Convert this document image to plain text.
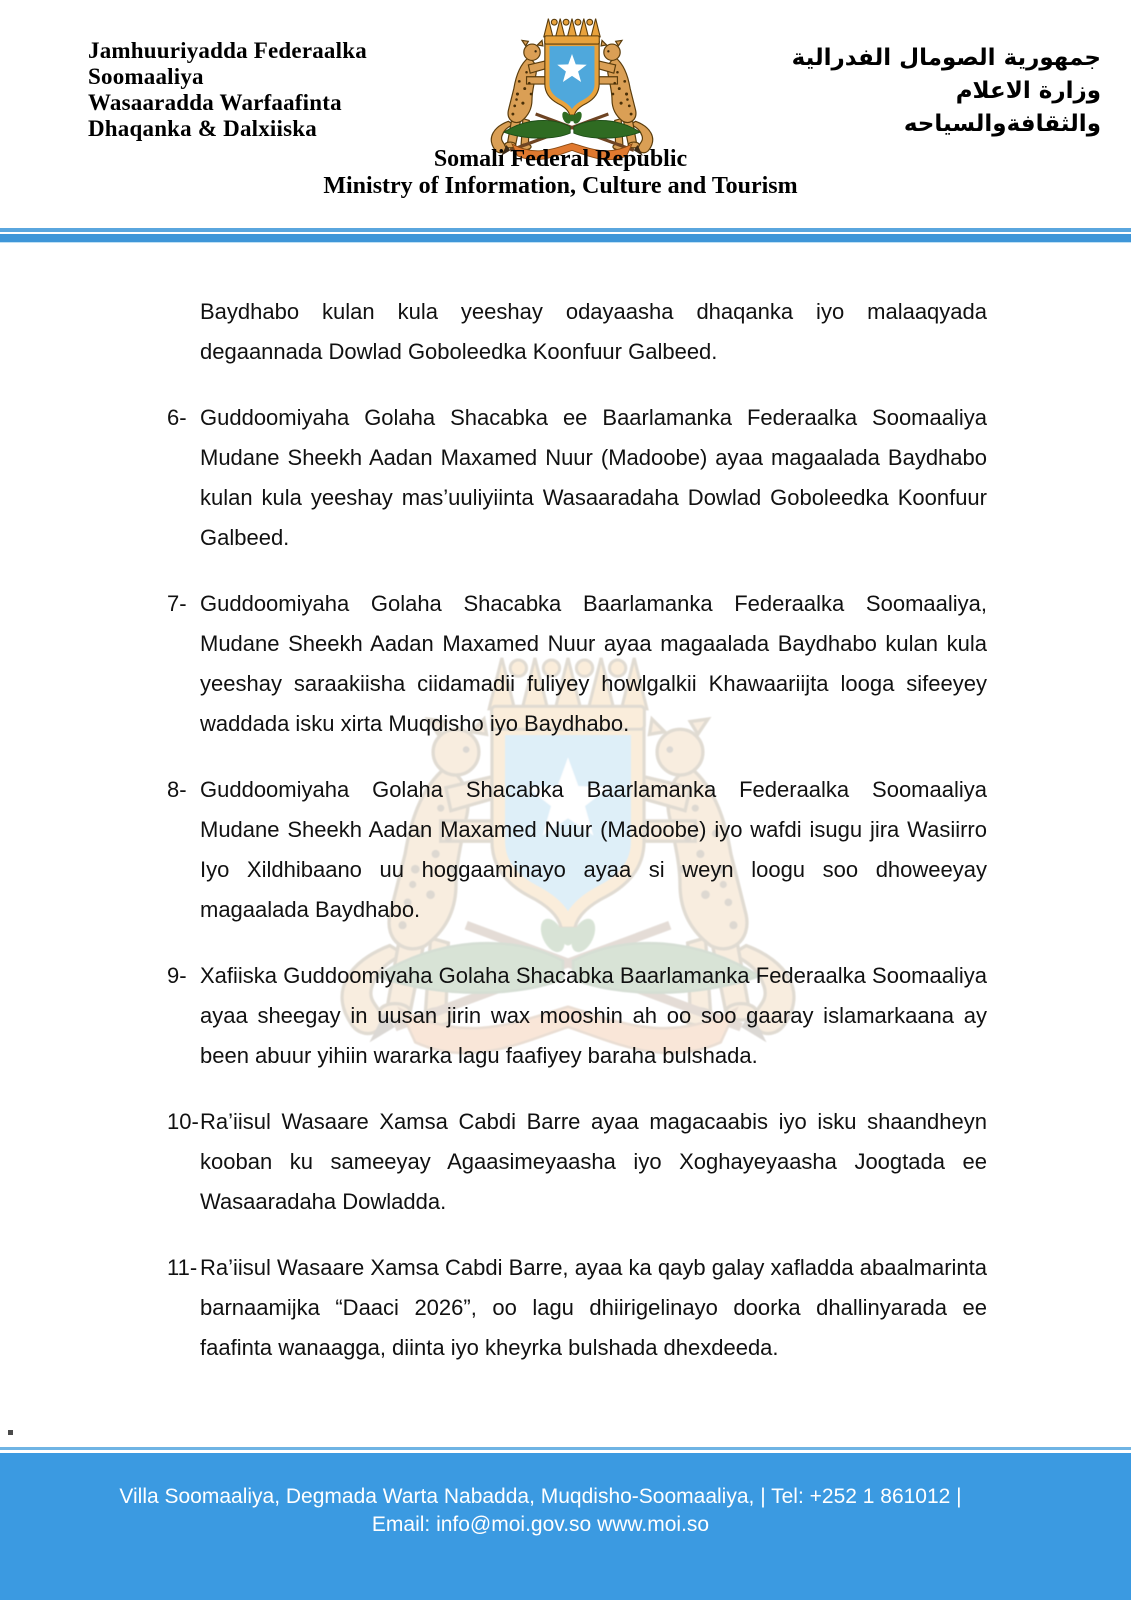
Jamhuuriyadda Federaalka
Soomaaliya
Wasaaradda Warfaafinta
Dhaqanka & Dalxiiska
جمهورية الصومال الفدرالية
وزارة الاعلام
والثقافةوالسياحه
Somali Federal Republic
Ministry of Information, Culture and Tourism
Baydhabo kulan kula yeeshay odayaasha dhaqanka iyo malaaqyada degaannada Dowlad Goboleedka Koonfuur Galbeed.
6- Guddoomiyaha Golaha Shacabka ee Baarlamanka Federaalka Soomaaliya Mudane Sheekh Aadan Maxamed Nuur (Madoobe) ayaa magaalada Baydhabo kulan kula yeeshay mas’uuliyiinta Wasaaradaha Dowlad Goboleedka Koonfuur Galbeed.
7- Guddoomiyaha Golaha Shacabka Baarlamanka Federaalka Soomaaliya, Mudane Sheekh Aadan Maxamed Nuur ayaa magaalada Baydhabo kulan kula yeeshay saraakiisha ciidamadii fuliyey howlgalkii Khawaariijta looga sifeeyey waddada isku xirta Muqdisho iyo Baydhabo.
8- Guddoomiyaha Golaha Shacabka Baarlamanka Federaalka Soomaaliya Mudane Sheekh Aadan Maxamed Nuur (Madoobe) iyo wafdi isugu jira Wasiirro Iyo Xildhibaano uu hoggaaminayo ayaa si weyn loogu soo dhoweeyay magaalada Baydhabo.
9- Xafiiska Guddoomiyaha Golaha Shacabka Baarlamanka Federaalka Soomaaliya ayaa sheegay in uusan jirin wax mooshin ah oo soo gaaray islamarkaana ay been abuur yihiin wararka lagu faafiyey baraha bulshada.
10- Ra’iisul Wasaare Xamsa Cabdi Barre ayaa magacaabis iyo isku shaandheyn kooban ku sameeyay Agaasimeyaasha iyo Xoghayeyaasha Joogtada ee Wasaaradaha Dowladda.
11- Ra’iisul Wasaare Xamsa Cabdi Barre, ayaa ka qayb galay xafladda abaalmarinta barnaamijka “Daaci 2026”, oo lagu dhiirigelinayo doorka dhallinyarada ee faafinta wanaagga, diinta iyo kheyrka bulshada dhexdeeda.
Villa Soomaaliya, Degmada Warta Nabadda, Muqdisho-Soomaaliya, | Tel: +252 1 861012 |
Email: info@moi.gov.so www.moi.so
